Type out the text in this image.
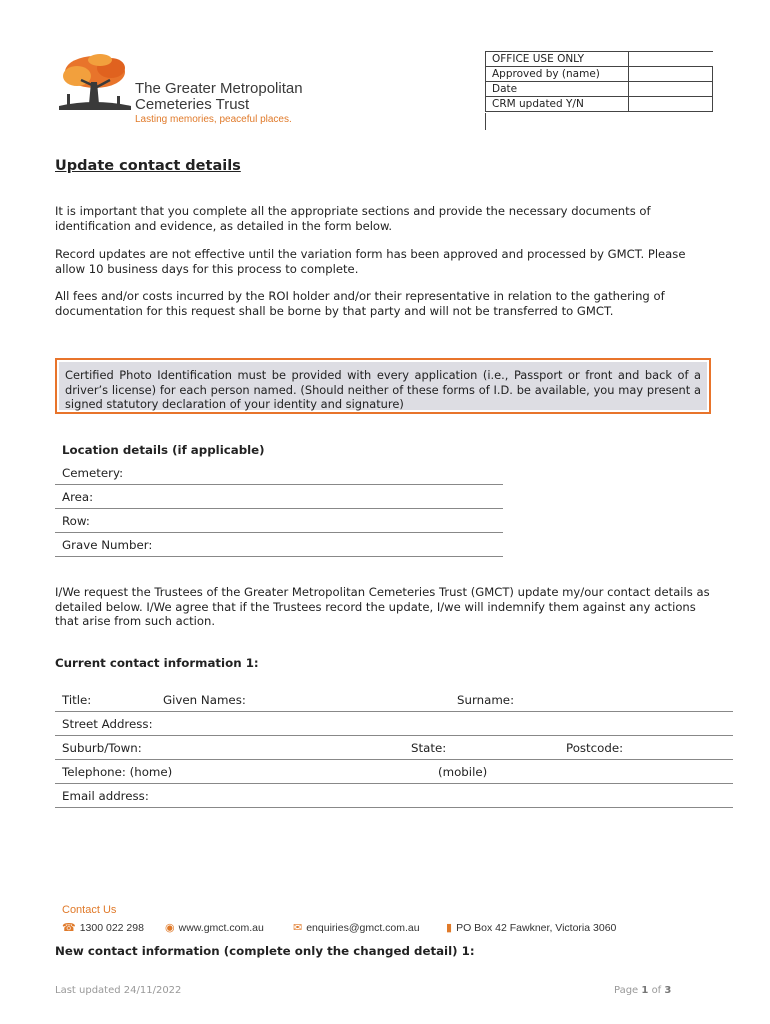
The Greater Metropolitan
Cemeteries Trust
Lasting memories, peaceful places.
OFFICE USE ONLY	
Approved by (name)	
Date	
CRM updated Y/N	
Update contact details
It is important that you complete all the appropriate sections and provide the necessary documents of identification and evidence, as detailed in the form below.
Record updates are not effective until the variation form has been approved and processed by GMCT. Please allow 10 business days for this process to complete.
All fees and/or costs incurred by the ROI holder and/or their representative in relation to the gathering of documentation for this request shall be borne by that party and will not be transferred to GMCT.
Certified Photo Identification must be provided with every application (i.e., Passport or front and back of a driver’s license) for each person named. (Should neither of these forms of I.D. be available, you may present a signed statutory declaration of your identity and signature)
Location details (if applicable)
Cemetery:
Area:
Row:
Grave Number:
I/We request the Trustees of the Greater Metropolitan Cemeteries Trust (GMCT) update my/our contact details as detailed below. I/We agree that if the Trustees record the update, I/we will indemnify them against any actions that arise from such action.
Current contact information 1:
Title:	Given Names:	Surname:
Street Address:
Suburb/Town:	State:	Postcode:
Telephone: (home)	(mobile)
Email address:
Contact Us
☎ 1300 022 298 ◉ www.gmct.com.au	✉ enquiries@gmct.com.au ▮ PO Box 42 Fawkner, Victoria 3060
New contact information (complete only the changed detail) 1:
Last updated 24/11/2022	Page 1 of 3
